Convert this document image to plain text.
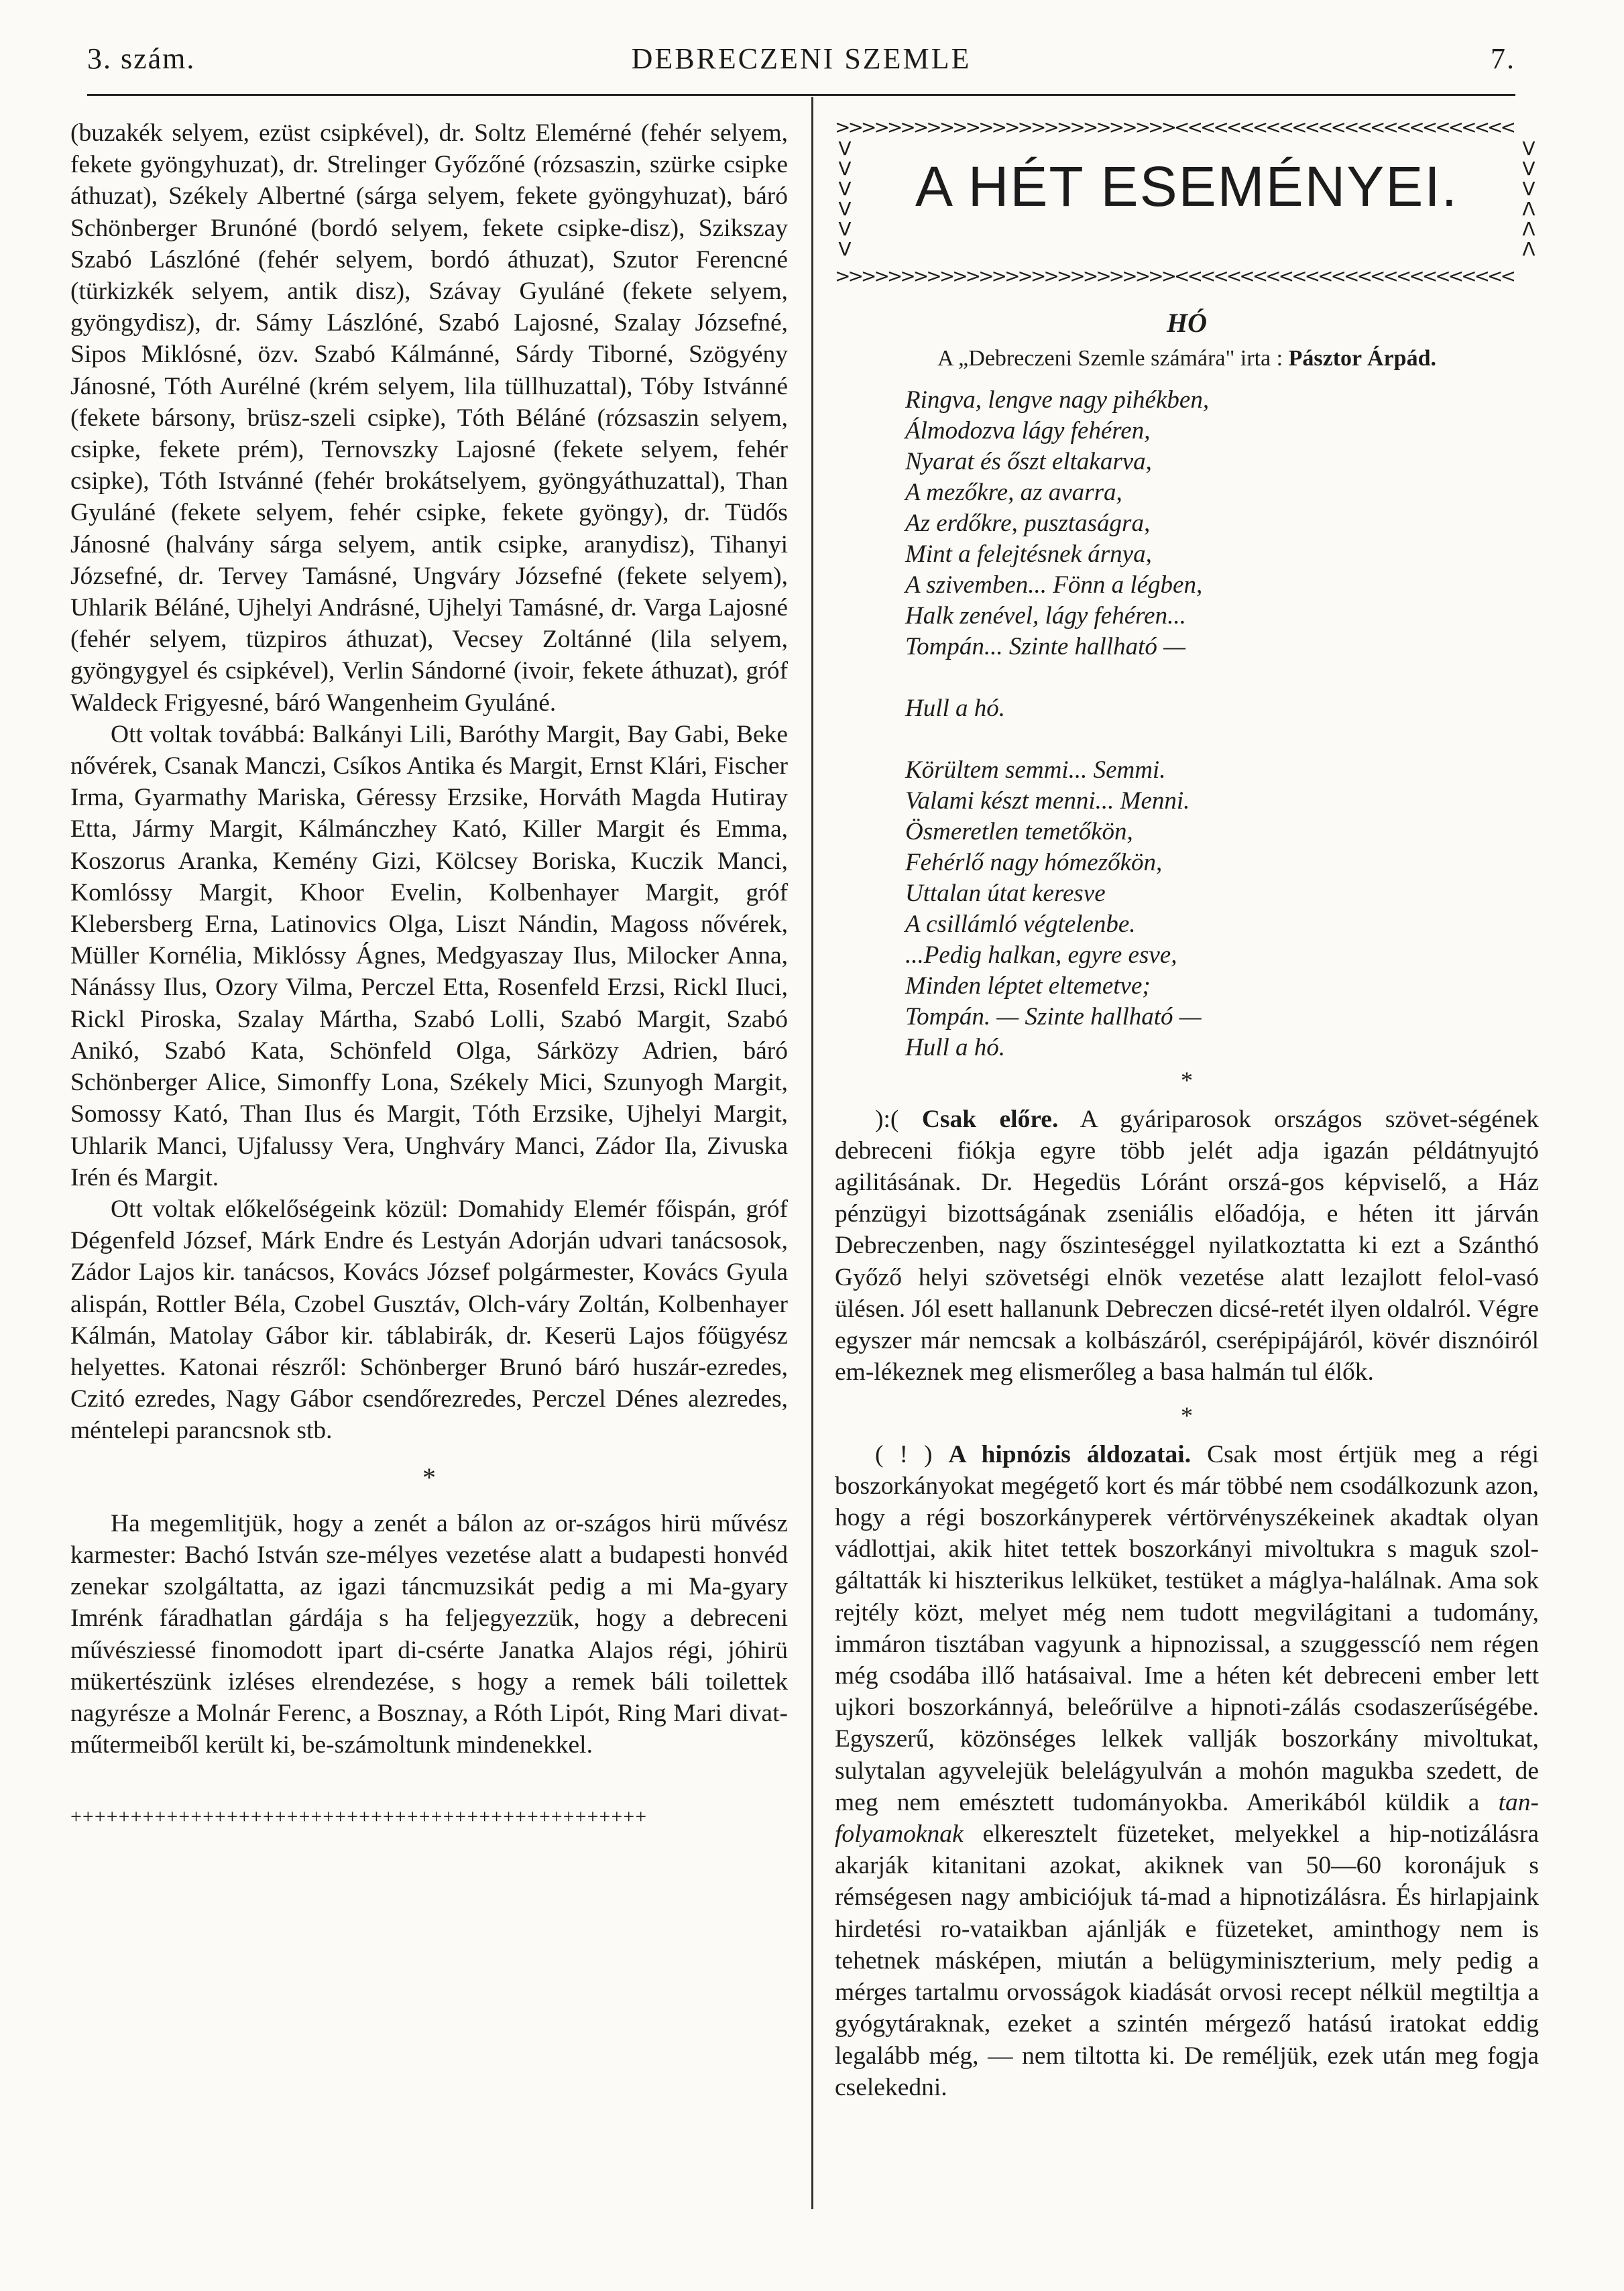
3. szám.	DEBRECZENI SZEMLE	7.

(buzakék selyem, ezüst csipkével), dr. Soltz Elemérné (fehér selyem, fekete gyöngyhuzat), dr. Strelinger Győzőné (rózsaszin, szürke csipke áthuzat), Székely Albertné (sárga selyem, fekete gyöngyhuzat), báró Schönberger Brunóné (bordó selyem, fekete csipke-disz), Szikszay Szabó Lászlóné (fehér selyem, bordó áthuzat), Szutor Ferencné (türkizkék selyem, antik disz), Szávay Gyuláné (fekete selyem, gyöngydisz), dr. Sámy Lászlóné, Szabó Lajosné, Szalay Józsefné, Sipos Miklósné, özv. Szabó Kálmánné, Sárdy Tiborné, Szögyény Jánosné, Tóth Aurélné (krém selyem, lila tüllhuzattal), Tóby Istvánné (fekete bársony, brüsz-szeli csipke), Tóth Béláné (rózsaszin selyem, csipke, fekete prém), Ternovszky Lajosné (fekete selyem, fehér csipke), Tóth Istvánné (fehér brokátselyem, gyöngyáthuzattal), Than Gyuláné (fekete selyem, fehér csipke, fekete gyöngy), dr. Tüdős Jánosné (halvány sárga selyem, antik csipke, aranydisz), Tihanyi Józsefné, dr. Tervey Tamásné, Ungváry Józsefné (fekete selyem), Uhlarik Béláné, Ujhelyi Andrásné, Ujhelyi Tamásné, dr. Varga Lajosné (fehér selyem, tüzpiros áthuzat), Vecsey Zoltánné (lila selyem, gyöngygyel és csipkével), Verlin Sándorné (ivoir, fekete áthuzat), gróf Waldeck Frigyesné, báró Wangenheim Gyuláné.

Ott voltak továbbá: Balkányi Lili, Baróthy Margit, Bay Gabi, Beke nővérek, Csanak Manczi, Csíkos Antika és Margit, Ernst Klári, Fischer Irma, Gyarmathy Mariska, Géressy Erzsike, Horváth Magda Hutiray Etta, Jármy Margit, Kálmánczhey Kató, Killer Margit és Emma, Koszorus Aranka, Kemény Gizi, Kölcsey Boriska, Kuczik Manci, Komlóssy Margit, Khoor Evelin, Kolbenhayer Margit, gróf Klebersberg Erna, Latinovics Olga, Liszt Nándin, Magoss nővérek, Müller Kornélia, Miklóssy Ágnes, Medgyaszay Ilus, Milocker Anna, Nánássy Ilus, Ozory Vilma, Perczel Etta, Rosenfeld Erzsi, Rickl Iluci, Rickl Piroska, Szalay Mártha, Szabó Lolli, Szabó Margit, Szabó Anikó, Szabó Kata, Schönfeld Olga, Sárközy Adrien, báró Schönberger Alice, Simonffy Lona, Székely Mici, Szunyogh Margit, Somossy Kató, Than Ilus és Margit, Tóth Erzsike, Ujhelyi Margit, Uhlarik Manci, Ujfalussy Vera, Unghváry Manci, Zádor Ila, Zivuska Irén és Margit.

Ott voltak előkelőségeink közül: Domahidy Elemér főispán, gróf Dégenfeld József, Márk Endre és Lestyán Adorján udvari tanácsosok, Zádor Lajos kir. tanácsos, Kovács József polgármester, Kovács Gyula alispán, Rottler Béla, Czobel Gusztáv, Olch-váry Zoltán, Kolbenhayer Kálmán, Matolay Gábor kir. táblabirák, dr. Keserü Lajos főügyész helyettes. Katonai részről: Schönberger Brunó báró huszár-ezredes, Czitó ezredes, Nagy Gábor csendőrezredes, Perczel Dénes alezredes, méntelepi parancsnok stb.

*

Ha megemlitjük, hogy a zenét a bálon az or-szágos hirü művész karmester: Bachó István sze-mélyes vezetése alatt a budapesti honvéd zenekar szolgáltatta, az igazi táncmuzsikát pedig a mi Ma-gyary Imrénk fáradhatlan gárdája s ha feljegyezzük, hogy a debreceni művésziessé finomodott ipart di-csérte Janatka Alajos régi, jóhirü mükertészünk izléses elrendezése, s hogy a remek báli toilettek nagyrésze a Molnár Ferenc, a Bosznay, a Róth Lipót, Ring Mari divat-műtermeiből került ki, be-számoltunk mindenekkel.

++++++++++++++++++++++++++++++++++++++++++++++++
>>>>>>>>>>>>>>>>>>>>>>>>>><<<<<<<<<<<<<<<<<<<<<<<<<<
V
V
V
V
V
V
V
V
V
Λ
Λ
Λ
A HÉT ESEMÉNYEI.
>>>>>>>>>>>>>>>>>>>>>>>>>><<<<<<<<<<<<<<<<<<<<<<<<<<
HÓ
A „Debreczeni Szemle számára" irta : Pásztor Árpád.
Ringva, lengve nagy pihékben,
Álmodozva lágy fehéren,
Nyarat és őszt eltakarva,
A mezőkre, az avarra,
Az erdőkre, pusztaságra,
Mint a felejtésnek árnya,
A szivemben... Fönn a légben,
Halk zenével, lágy fehéren...
Tompán... Szinte hallható —
Hull a hó.
Körültem semmi... Semmi.
Valami készt menni... Menni.
Ösmeretlen temetőkön,
Fehérlő nagy hómezőkön,
Uttalan útat keresve
A csillámló végtelenbe.
...Pedig halkan, egyre esve,
Minden léptet eltemetve;
Tompán. — Szinte hallható —
Hull a hó.
*

):( Csak előre. A gyáriparosok országos szövet-ségének debreceni fiókja egyre több jelét adja igazán példátnyujtó agilitásának. Dr. Hegedüs Lóránt orszá-gos képviselő, a Ház pénzügyi bizottságának zseniális előadója, e héten itt járván Debreczenben, nagy őszinteséggel nyilatkoztatta ki ezt a Szánthó Győző helyi szövetségi elnök vezetése alatt lezajlott felol-vasó ülésen. Jól esett hallanunk Debreczen dicsé-retét ilyen oldalról. Végre egyszer már nemcsak a kolbászáról, cserépipájáról, kövér disznóiról em-lékeznek meg elismerőleg a basa halmán tul élők.

*

( ! ) A hipnózis áldozatai. Csak most értjük meg a régi boszorkányokat megégető kort és már többé nem csodálkozunk azon, hogy a régi boszorkányperek vértörvényszékeinek akadtak olyan vádlottjai, akik hitet tettek boszorkányi mivoltukra s maguk szol-gáltatták ki hiszterikus lelküket, testüket a máglya-halálnak. Ama sok rejtély közt, melyet még nem tudott megvilágitani a tudomány, immáron tisztában vagyunk a hipnozissal, a szuggesscíó nem régen még csodába illő hatásaival. Ime a héten két debreceni ember lett ujkori boszorkánnyá, beleőrülve a hipnoti-zálás csodaszerűségébe. Egyszerű, közönséges lelkek vallják boszorkány mivoltukat, sulytalan agyvelejük belelágyulván a mohón magukba szedett, de meg nem emésztett tudományokba. Amerikából küldik a tan-folyamoknak elkeresztelt füzeteket, melyekkel a hip-notizálásra akarják kitanitani azokat, akiknek van 50—60 koronájuk s rémségesen nagy ambiciójuk tá-mad a hipnotizálásra. És hirlapjaink hirdetési ro-vataikban ajánlják e füzeteket, aminthogy nem is tehetnek másképen, miután a belügyminiszterium, mely pedig a mérges tartalmu orvosságok kiadását orvosi recept nélkül megtiltja a gyógytáraknak, ezeket a szintén mérgező hatású iratokat eddig legalább még, — nem tiltotta ki. De reméljük, ezek után meg fogja cselekedni.
